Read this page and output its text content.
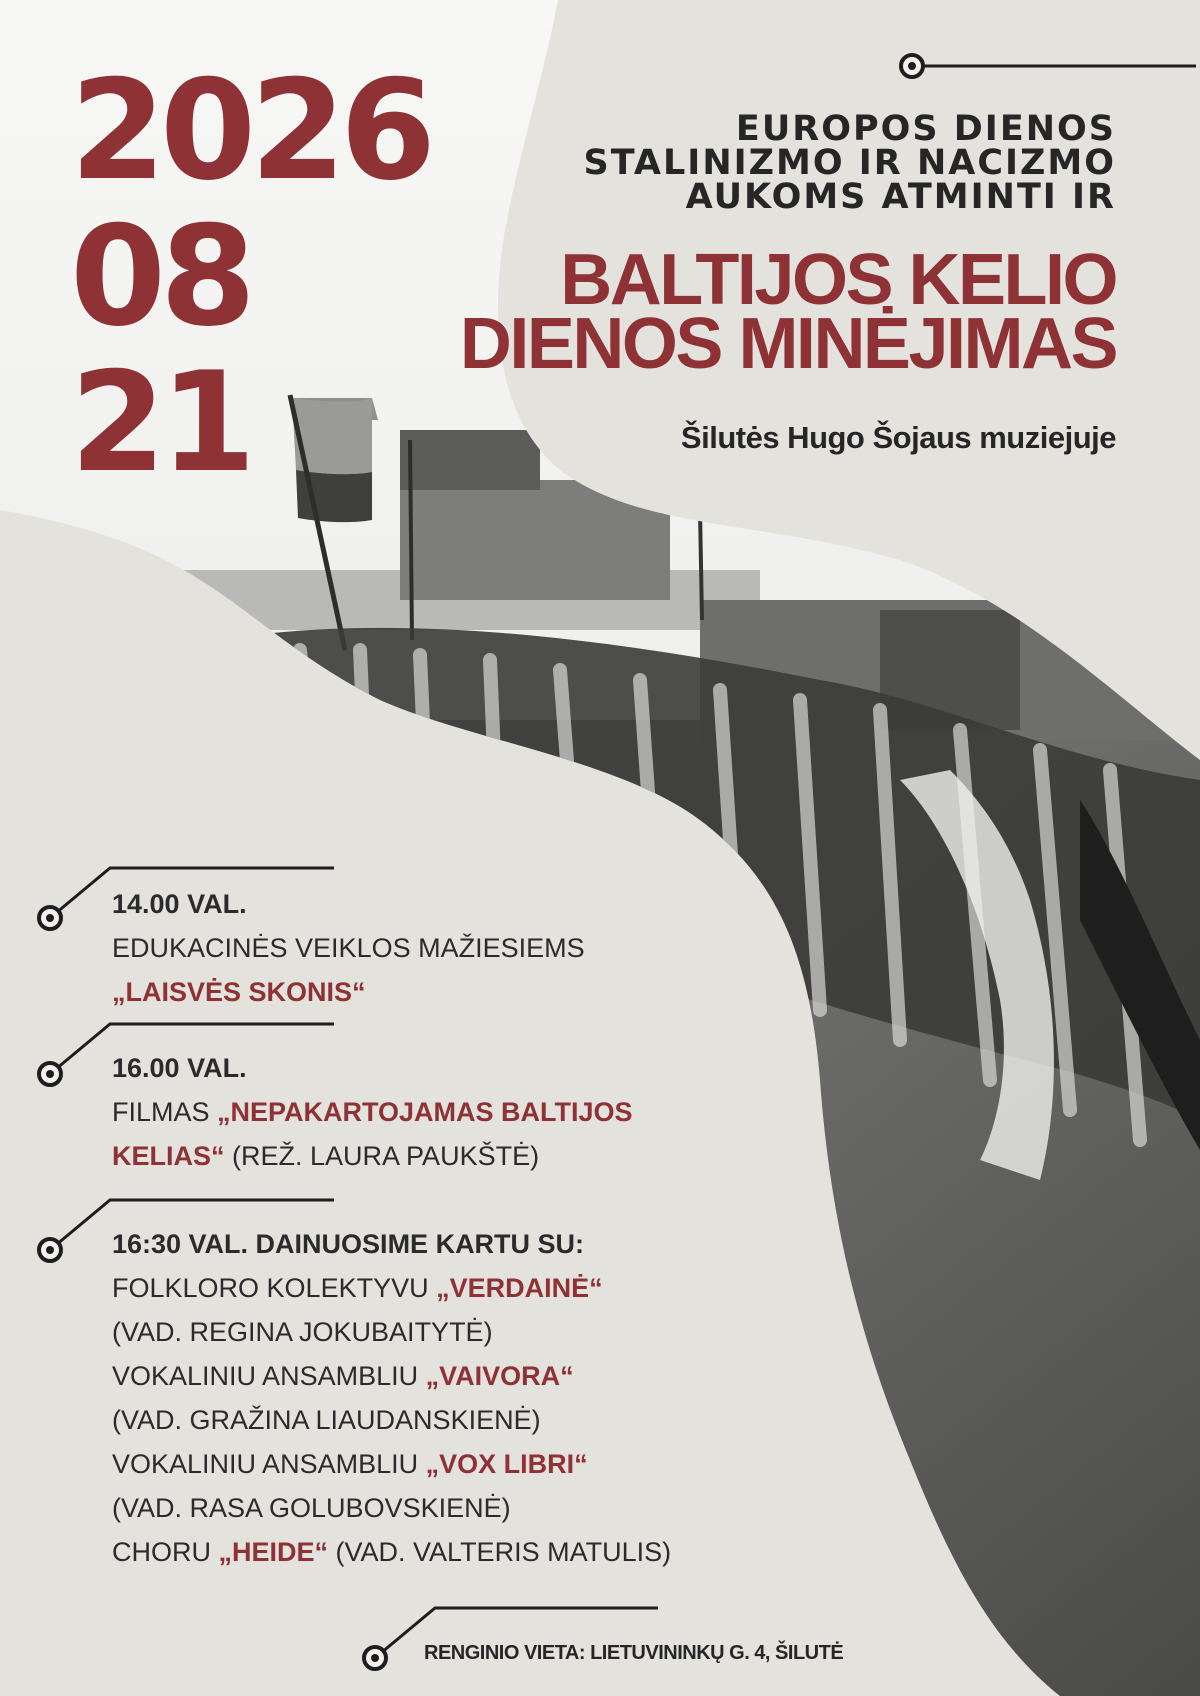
2026
08
21
EUROPOS DIENOS
STALINIZMO IR NACIZMO
AUKOMS ATMINTI IR
BALTIJOS KELIO
DIENOS MINĖJIMAS
Šilutės Hugo Šojaus muziejuje

14.00 VAL.

EDUKACINĖS VEIKLOS MAŽIESIEMS

„LAISVĖS SKONIS“

16.00 VAL.

FILMAS „NEPAKARTOJAMAS BALTIJOS

KELIAS“ (REŽ. LAURA PAUKŠTĖ)

16:30 VAL. DAINUOSIME KARTU SU:

FOLKLORO KOLEKTYVU „VERDAINĖ“

(VAD. REGINA JOKUBAITYTĖ)

VOKALINIU ANSAMBLIU „VAIVORA“

(VAD. GRAŽINA LIAUDANSKIENĖ)

VOKALINIU ANSAMBLIU „VOX LIBRI“

(VAD. RASA GOLUBOVSKIENĖ)

CHORU „HEIDE“ (VAD. VALTERIS MATULIS)

RENGINIO VIETA: LIETUVININKŲ G. 4, ŠILUTĖ
